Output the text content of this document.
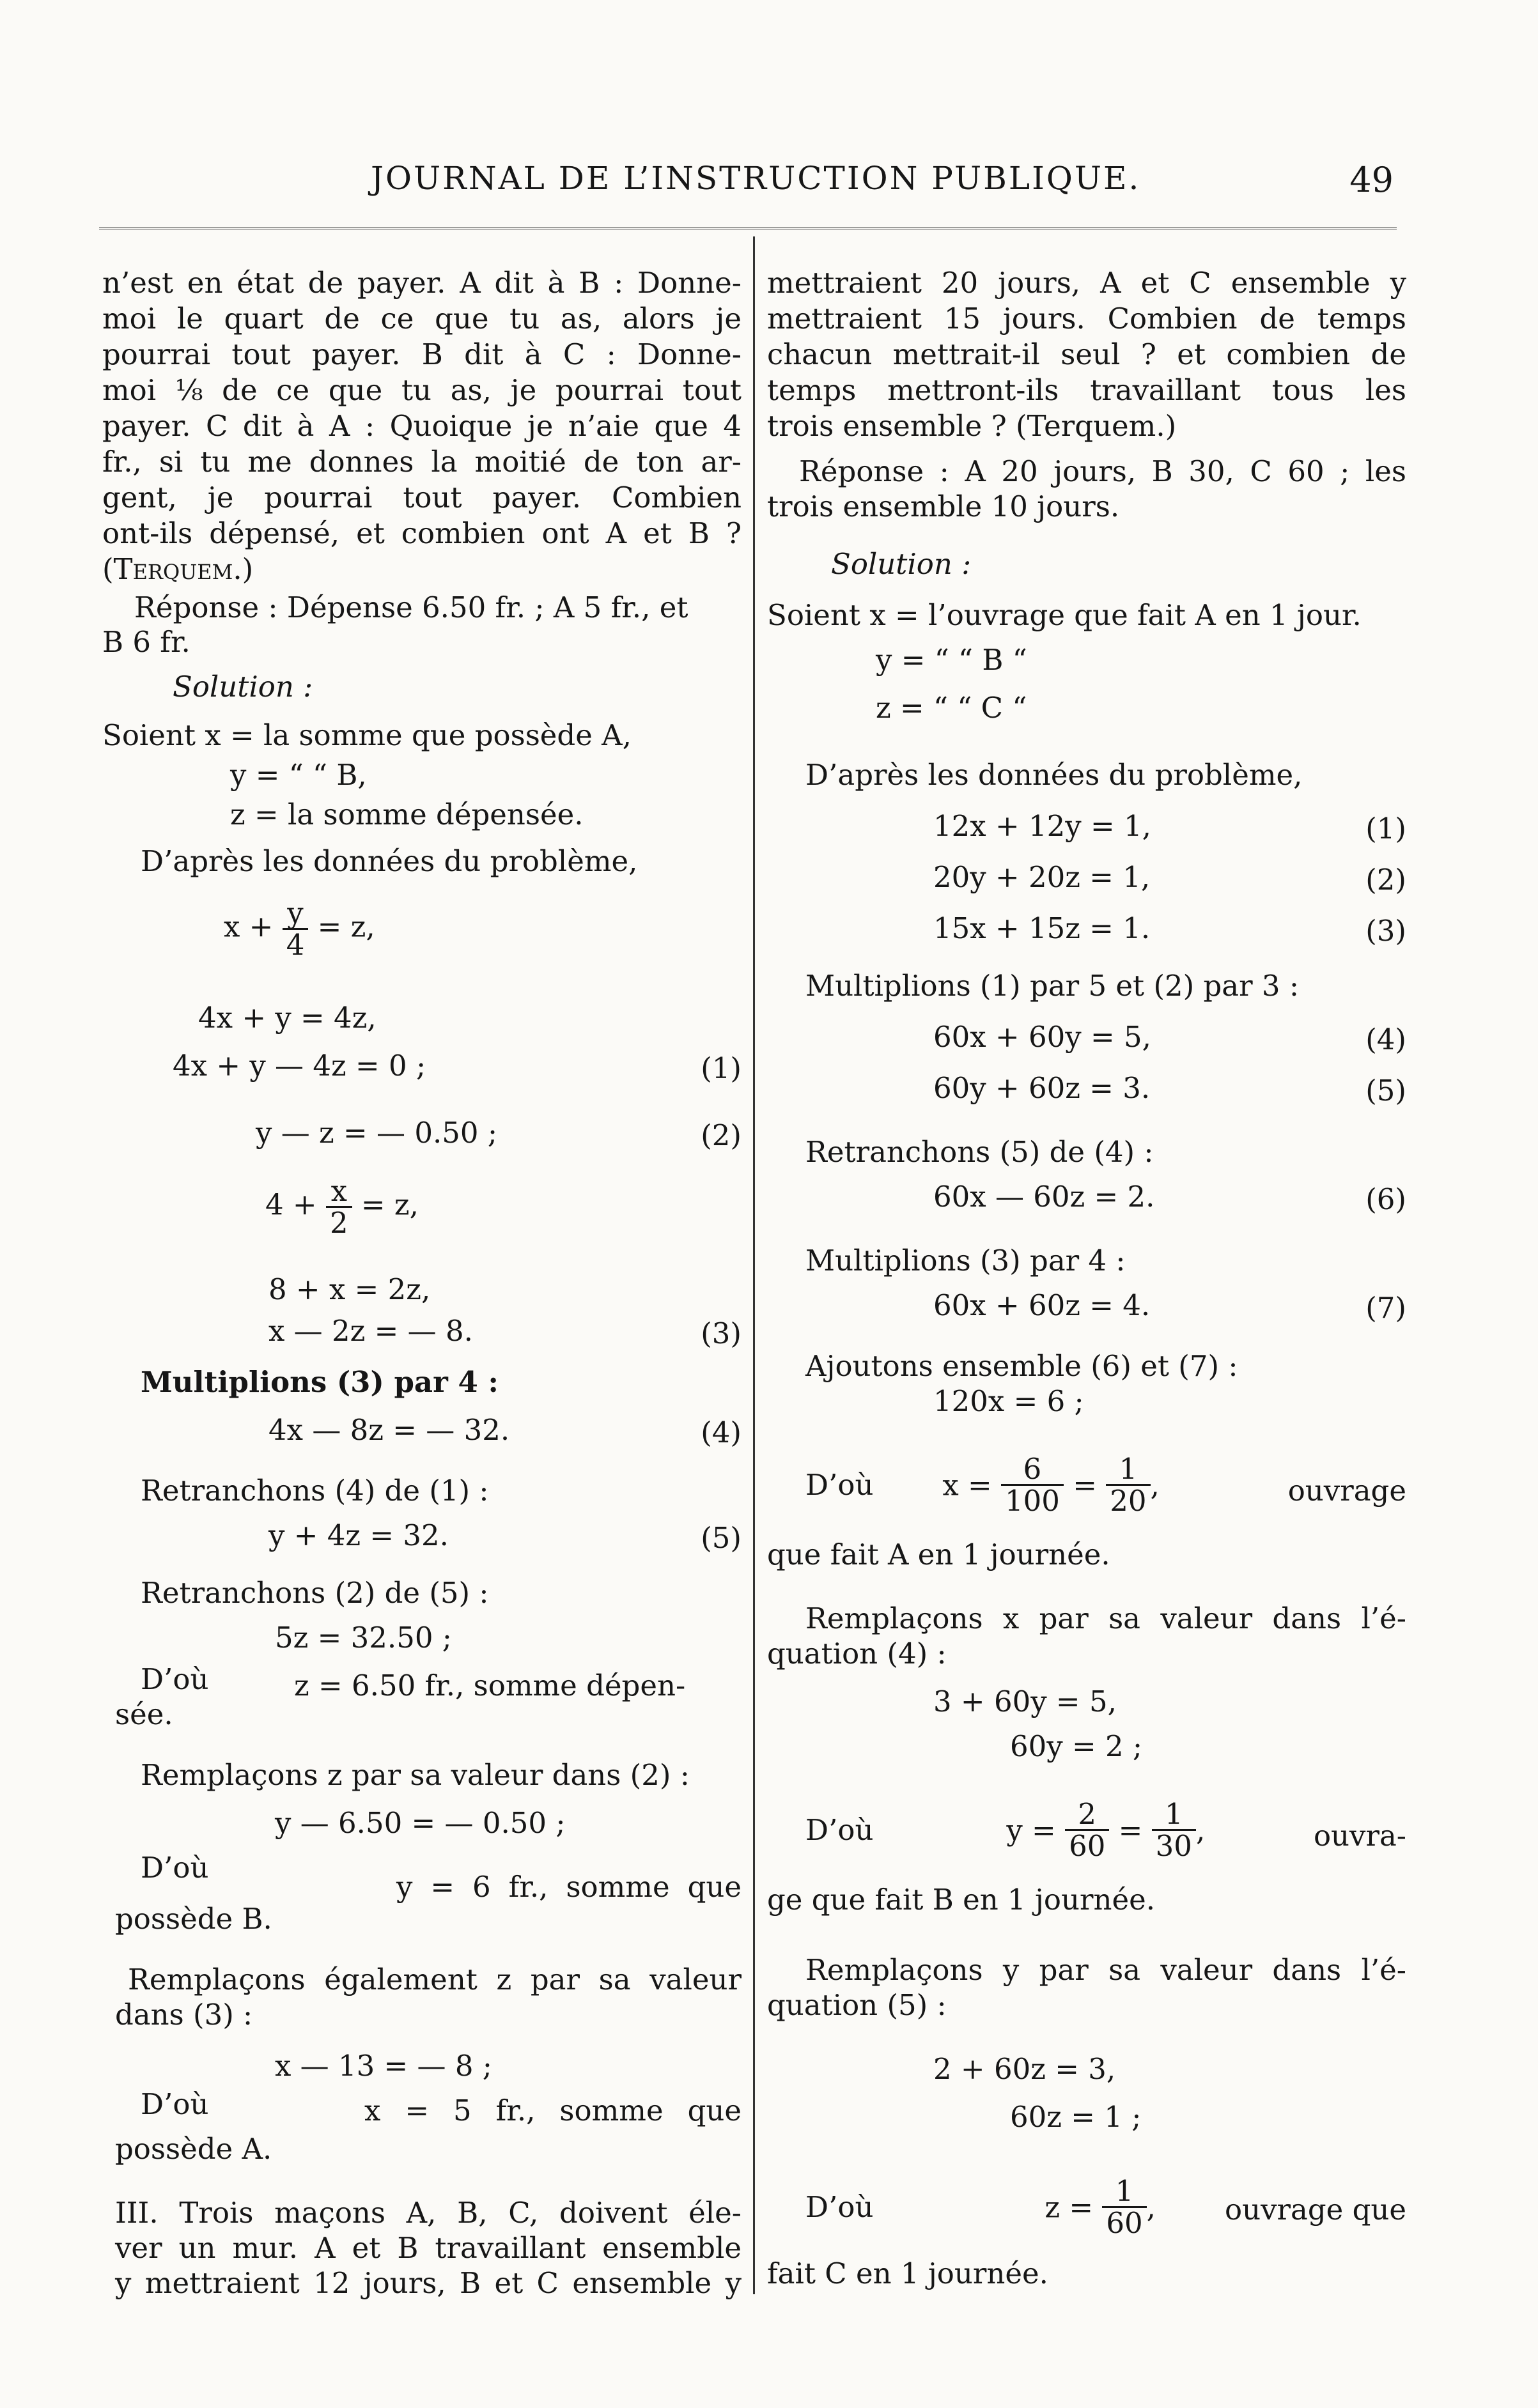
JOURNAL DE L’INSTRUCTION PUBLIQUE.	49
n’est en état de payer. A dit à B : Donne-
moi le quart de ce que tu as, alors je
pourrai tout payer. B dit à C : Donne-
moi ⅛ de ce que tu as, je pourrai tout
payer. C dit à A : Quoique je n’aie que 4
fr., si tu me donnes la moitié de ton ar-
gent, je pourrai tout payer. Combien
ont-ils dépensé, et combien ont A et B ?
(Terquem.)
Réponse : Dépense 6.50 fr. ; A 5 fr., et
B 6 fr.
Solution :
Soient x = la somme que possède A,
y = “ “ B,
z = la somme dépensée.
D’après les données du problème,
$x + \frac{y}{4} = z$,
4x + y = 4z,
4x + y — 4z = 0 ;	(1)
y — z = — 0.50 ;	(2)
$4 + \frac{x}{2} = z$,
8 + x = 2z,
x — 2z = — 8.	(3)
Multiplions (3) par 4 :
4x — 8z = — 32.	(4)
Retranchons (4) de (1) :
y + 4z = 32.	(5)
Retranchons (2) de (5) :
5z = 32.50 ;
D’où	z = 6.50 fr., somme dépen-
sée.
Remplaçons z par sa valeur dans (2) :
y — 6.50 = — 0.50 ;
D’où
y = 6 fr., somme que
possède B.
Remplaçons également z par sa valeur
dans (3) :
x — 13 = — 8 ;
D’où	x = 5 fr., somme que
possède A.
III. Trois maçons A, B, C, doivent éle-
ver un mur. A et B travaillant ensemble
y mettraient 12 jours, B et C ensemble y
mettraient 20 jours, A et C ensemble y
mettraient 15 jours. Combien de temps
chacun mettrait-il seul ? et combien de
temps mettront-ils travaillant tous les
trois ensemble ? (Terquem.)
Réponse : A 20 jours, B 30, C 60 ; les
trois ensemble 10 jours.
Solution :
Soient x = l’ouvrage que fait A en 1 jour.
y = “ “ B “
z = “ “ C “
D’après les données du problème,
12x + 12y = 1,	(1)
20y + 20z = 1,	(2)
15x + 15z = 1.	(3)
Multiplions (1) par 5 et (2) par 3 :
60x + 60y = 5,	(4)
60y + 60z = 3.	(5)
Retranchons (5) de (4) :
60x — 60z = 2.	(6)
Multiplions (3) par 4 :
60x + 60z = 4.	(7)
Ajoutons ensemble (6) et (7) :
120x = 6 ;
D’où $x = \frac{6}{100} = \frac{1}{20}$ ,	ouvrage
que fait A en 1 journée.
Remplaçons x par sa valeur dans l’é-
quation (4) :
3 + 60y = 5,
60y = 2 ;
D’où	$y = \frac{2}{60} = \frac{1}{30}$ ,	ouvra-
ge que fait B en 1 journée.
Remplaçons y par sa valeur dans l’é-
quation (5) :
2 + 60z = 3,
60z = 1 ;
D’où	$z = \frac{1}{60}$ , ouvrage que
fait C en 1 journée.
